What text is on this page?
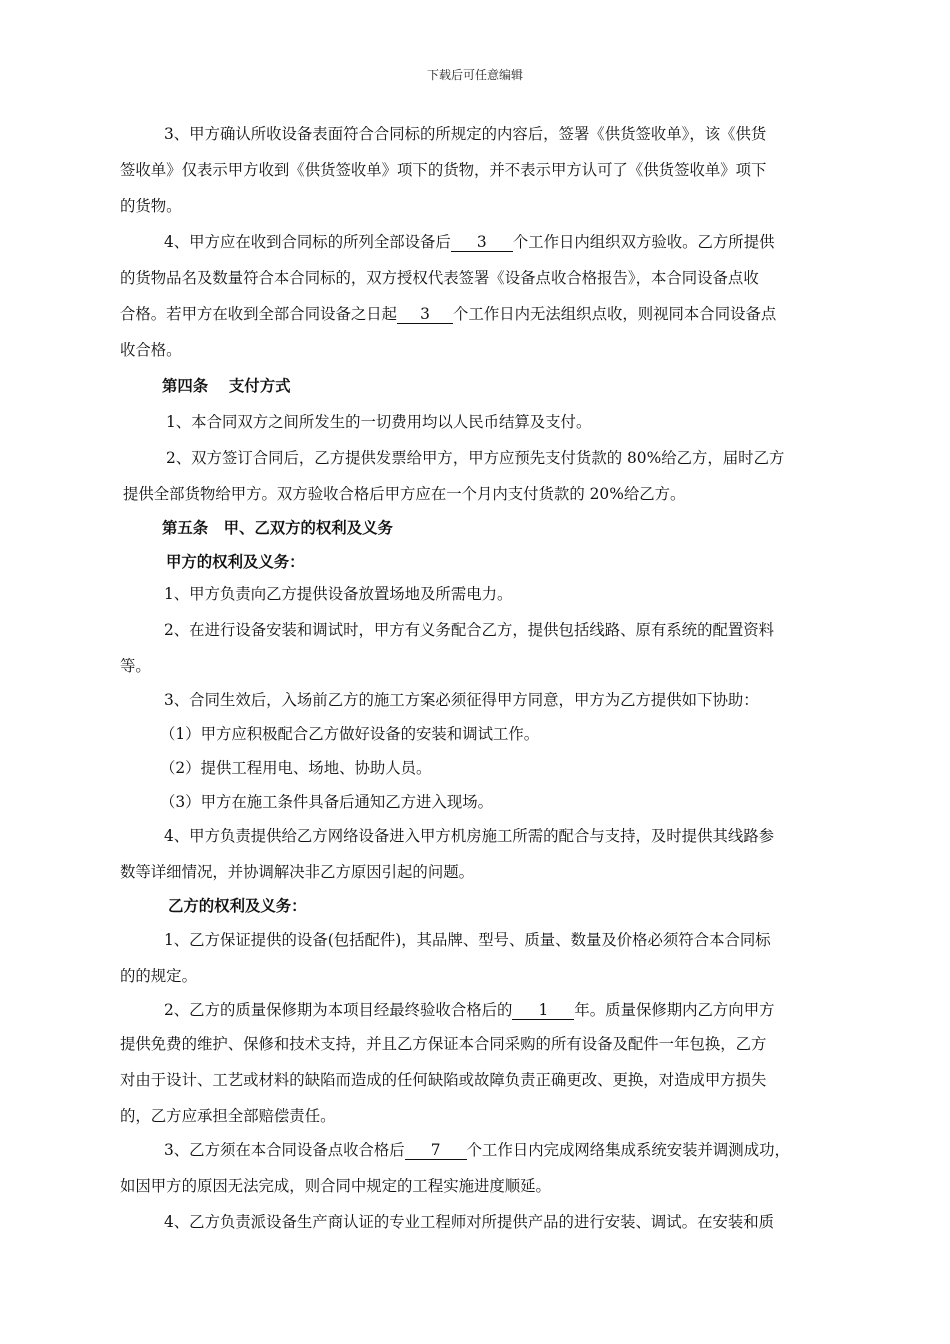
下载后可任意编辑
3、甲方确认所收设备表面符合合同标的所规定的内容后，签署《供货签收单》，该《供货
签收单》仅表示甲方收到《供货签收单》项下的货物，并不表示甲方认可了《供货签收单》项下
的货物。
4、甲方应在收到合同标的所列全部设备后 3 个工作日内组织双方验收。乙方所提供
的货物品名及数量符合本合同标的，双方授权代表签署《设备点收合格报告》，本合同设备点收
合格。若甲方在收到全部合同设备之日起 3 个工作日内无法组织点收，则视同本合同设备点
收合格。
第四条　 支付方式
1、本合同双方之间所发生的一切费用均以人民币结算及支付。
2、双方签订合同后，乙方提供发票给甲方，甲方应预先支付货款的 80%给乙方，届时乙方
提供全部货物给甲方。双方验收合格后甲方应在一个月内支付货款的 20%给乙方。
第五条　甲、乙双方的权利及义务
甲方的权利及义务：
1、甲方负责向乙方提供设备放置场地及所需电力。
2、在进行设备安装和调试时，甲方有义务配合乙方，提供包括线路、原有系统的配置资料
等。
3、合同生效后，入场前乙方的施工方案必须征得甲方同意，甲方为乙方提供如下协助：
（1）甲方应积极配合乙方做好设备的安装和调试工作。
（2）提供工程用电、场地、协助人员。
（3）甲方在施工条件具备后通知乙方进入现场。
4、甲方负责提供给乙方网络设备进入甲方机房施工所需的配合与支持，及时提供其线路参
数等详细情况，并协调解决非乙方原因引起的问题。
乙方的权利及义务：
1、乙方保证提供的设备(包括配件)，其品牌、型号、质量、数量及价格必须符合本合同标
的的规定。
2、乙方的质量保修期为本项目经最终验收合格后的 1 年。质量保修期内乙方向甲方
提供免费的维护、保修和技术支持，并且乙方保证本合同采购的所有设备及配件一年包换，乙方
对由于设计、工艺或材料的缺陷而造成的任何缺陷或故障负责正确更改、更换，对造成甲方损失
的，乙方应承担全部赔偿责任。
3、乙方须在本合同设备点收合格后 7 个工作日内完成网络集成系统安装并调测成功，
如因甲方的原因无法完成，则合同中规定的工程实施进度顺延。
4、乙方负责派设备生产商认证的专业工程师对所提供产品的进行安装、调试。在安装和质
